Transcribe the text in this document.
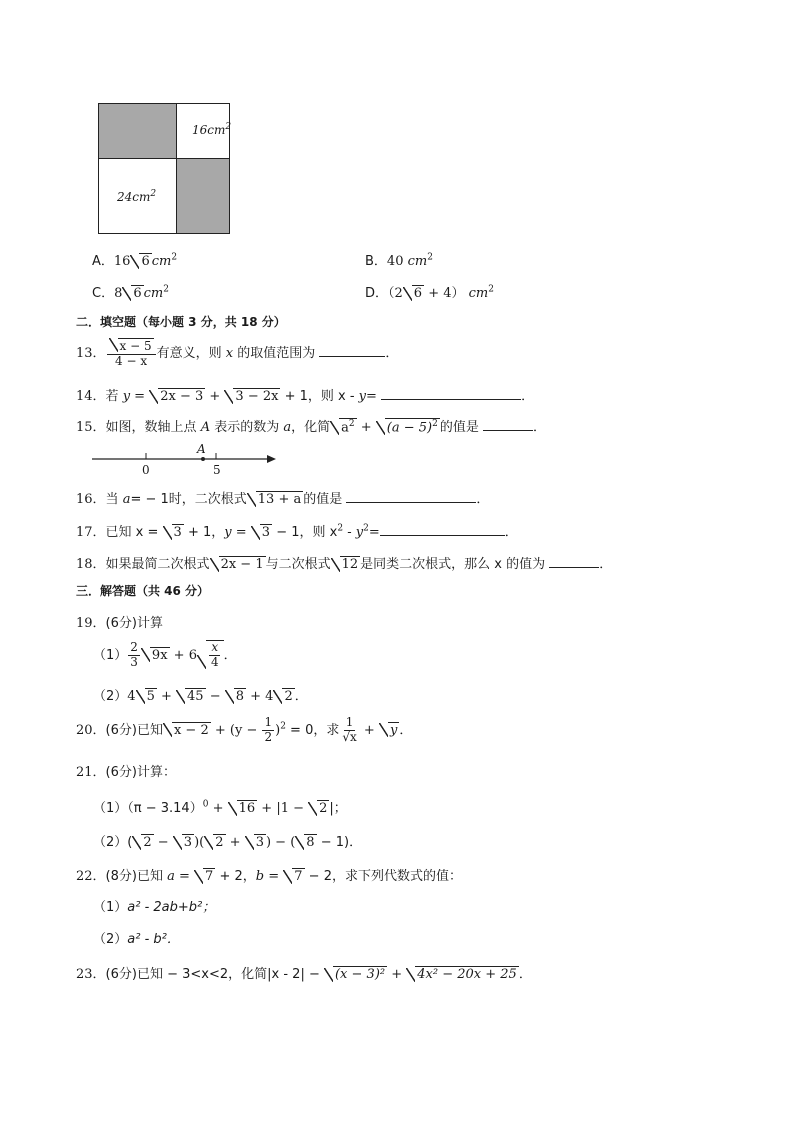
$16cm^2$
$24cm^2$
A．16 6 $cm^2$	B．40 $cm^2$
C．8 6 $cm^2$	D．（2 6 + 4） $cm^2$
二．填空题（每小题 3 分，共 18 分）
13． $\frac{x - 5}{4 - x}$ 有意义，则 x 的取值范围为	．
14．若 y = 2x − 3 + 3 − 2x + 1，则 x - y=	．
15．如图，数轴上点 A 表示的数为 a，化简 $a^2 + (a - 5)^2$ 的值是	．
A
0	5
16．当 a= − 1时，二次根式 13 + a 的值是	．
17．已知 x = 3 + 1，y = 3 − 1，则 $x^2 - y^2=$	．
18．如果最简二次根式 2x − 1 与二次根式 12 是同类二次根式，那么 x 的值为	．
三．解答题（共 46 分）
19．(6分)计算
$(1) \frac{2}{3} 9x + 6 \frac{x}{4}$ ．
（2）4 5 + 45 − 8 + 4 2 ．
20．(6分)已知 $x - 2 + (y - \frac{1}{2} )^2 = 0$，求 $\frac{1}{√x} + y$ ．
21．(6分)计算：
$(1)(\pi - 3.14)^0 + 16 + |1 - 2$ |；
（2）( 2 − 3 )( 2 + 3 ) − ( 8 − 1)．
22．(8分)已知 a = 7 + 2，b = 7 − 2，求下列代数式的值：
（1）a² - 2ab+b²；
（2）a² - b²．
23．(6分)已知 − 3<x<2，化简|x - 2| − (x − 3)² + 4x² − 20x + 25 ．
